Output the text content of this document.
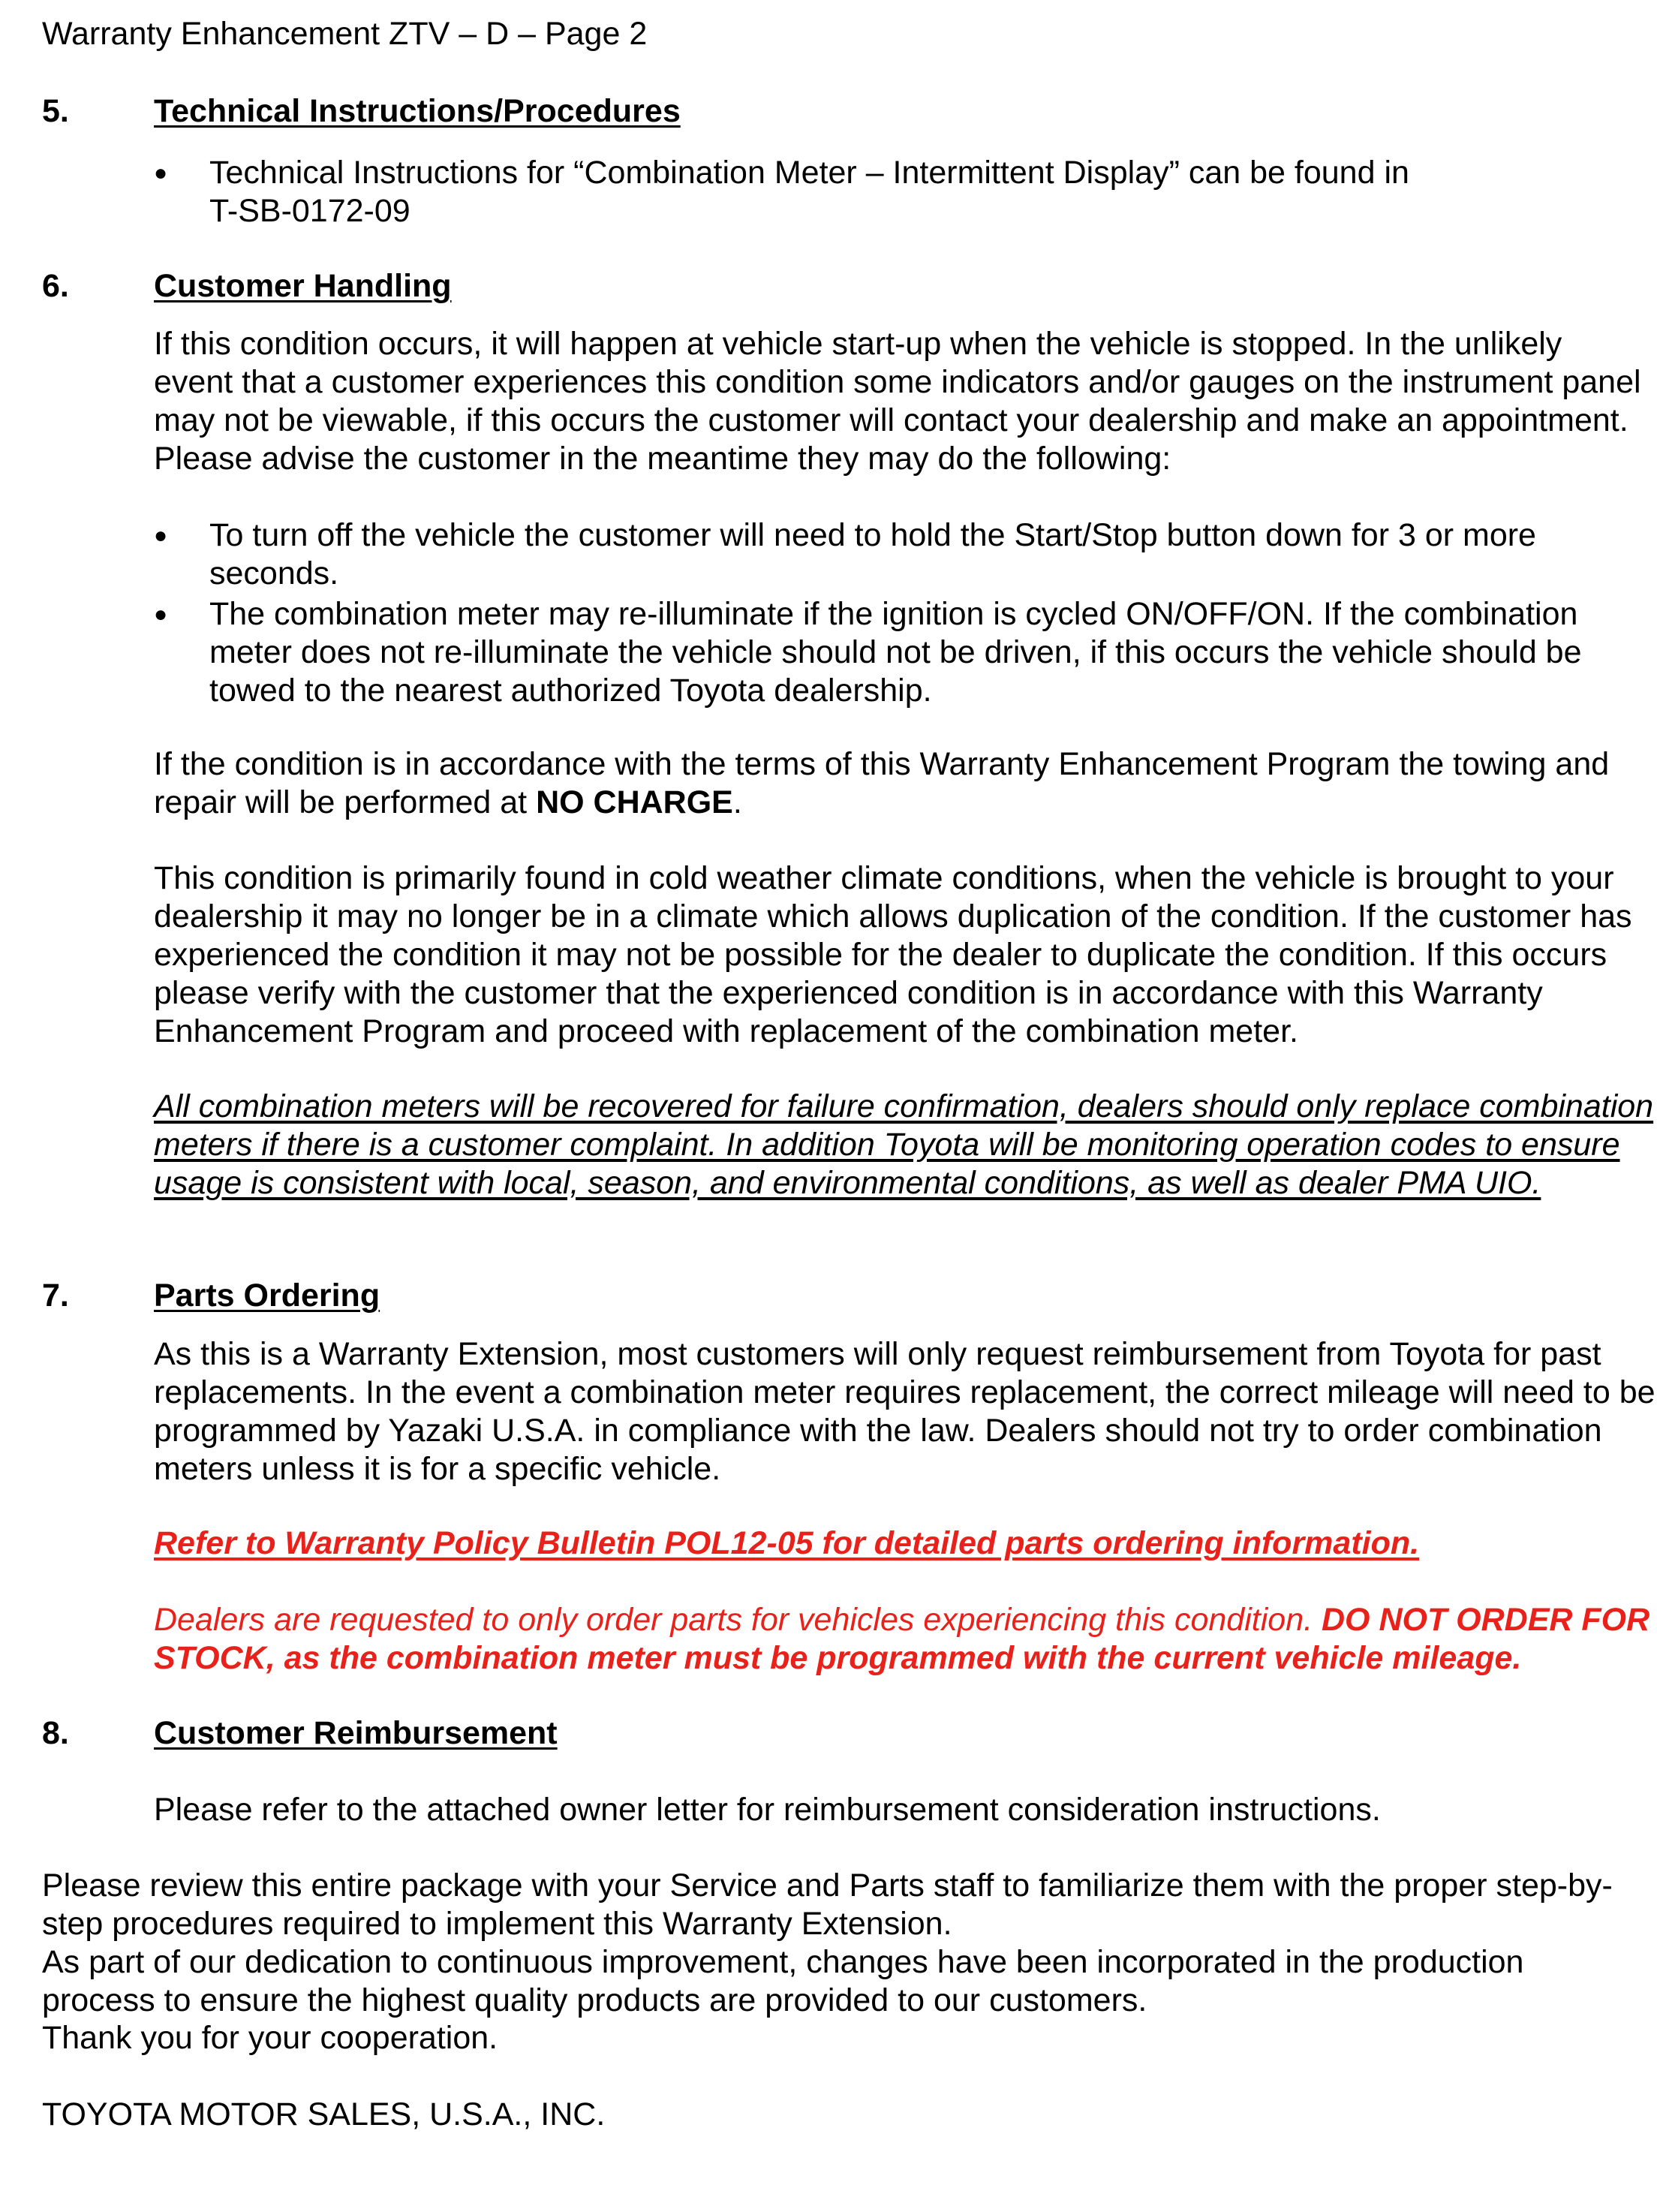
Warranty Enhancement ZTV – D – Page 2
5.	Technical Instructions/Procedures
● Technical Instructions for “Combination Meter – Intermittent Display” can be found in
T-SB-0172-09
6.	Customer Handling

If this condition occurs, it will happen at vehicle start-up when the vehicle is stopped. In the unlikely event that a customer experiences this condition some indicators and/or gauges on the instrument panel may not be viewable, if this occurs the customer will contact your dealership and make an appointment. Please advise the customer in the meantime they may do the following:

● To turn off the vehicle the customer will need to hold the Start/Stop button down for 3 or more seconds.

● The combination meter may re-illuminate if the ignition is cycled ON/OFF/ON. If the combination meter does not re-illuminate the vehicle should not be driven, if this occurs the vehicle should be towed to the nearest authorized Toyota dealership.

If the condition is in accordance with the terms of this Warranty Enhancement Program the towing and repair will be performed at NO CHARGE.

This condition is primarily found in cold weather climate conditions, when the vehicle is brought to your dealership it may no longer be in a climate which allows duplication of the condition. If the customer has experienced the condition it may not be possible for the dealer to duplicate the condition. If this occurs please verify with the customer that the experienced condition is in accordance with this Warranty Enhancement Program and proceed with replacement of the combination meter.

All combination meters will be recovered for failure confirmation, dealers should only replace combination meters if there is a customer complaint. In addition Toyota will be monitoring operation codes to ensure usage is consistent with local, season, and environmental conditions, as well as dealer PMA UIO.

7.	Parts Ordering

As this is a Warranty Extension, most customers will only request reimbursement from Toyota for past replacements. In the event a combination meter requires replacement, the correct mileage will need to be programmed by Yazaki U.S.A. in compliance with the law. Dealers should not try to order combination meters unless it is for a specific vehicle.

Refer to Warranty Policy Bulletin POL12-05 for detailed parts ordering information.

Dealers are requested to only order parts for vehicles experiencing this condition. DO NOT ORDER FOR STOCK, as the combination meter must be programmed with the current vehicle mileage.

8.	Customer Reimbursement

Please refer to the attached owner letter for reimbursement consideration instructions.

Please review this entire package with your Service and Parts staff to familiarize them with the proper step-by-step procedures required to implement this Warranty Extension.

As part of our dedication to continuous improvement, changes have been incorporated in the production process to ensure the highest quality products are provided to our customers.

Thank you for your cooperation.

TOYOTA MOTOR SALES, U.S.A., INC.
